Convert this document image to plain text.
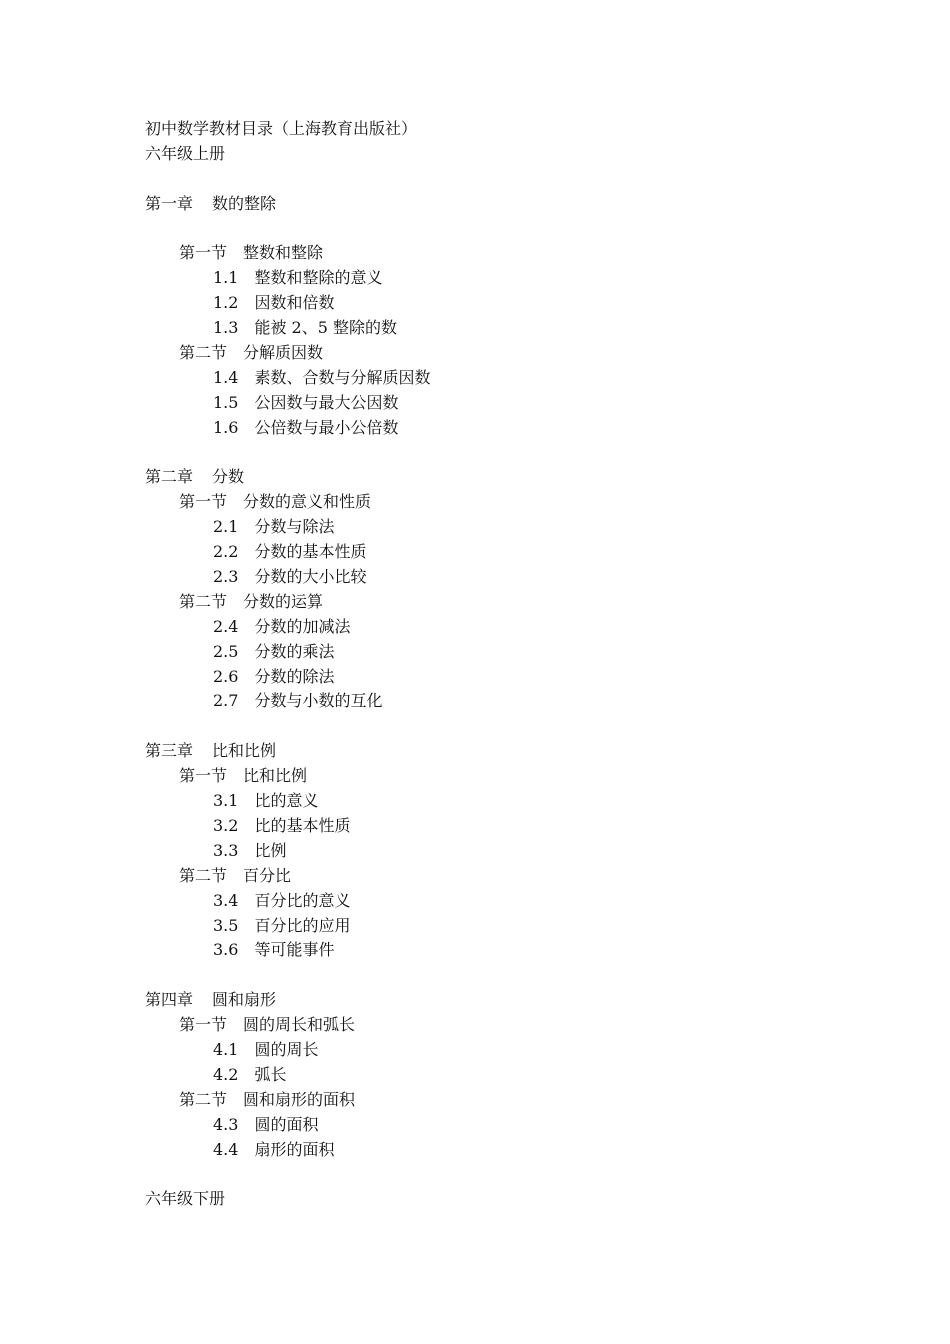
初中数学教材目录（上海教育出版社）
六年级上册
第一章 数的整除
第一节 整数和整除
1.1 整数和整除的意义
1.2 因数和倍数
1.3 能被 2、5 整除的数
第二节 分解质因数
1.4 素数、合数与分解质因数
1.5 公因数与最大公因数
1.6 公倍数与最小公倍数
第二章 分数
第一节 分数的意义和性质
2.1 分数与除法
2.2 分数的基本性质
2.3 分数的大小比较
第二节 分数的运算
2.4 分数的加减法
2.5 分数的乘法
2.6 分数的除法
2.7 分数与小数的互化
第三章 比和比例
第一节 比和比例
3.1 比的意义
3.2 比的基本性质
3.3 比例
第二节 百分比
3.4 百分比的意义
3.5 百分比的应用
3.6 等可能事件
第四章 圆和扇形
第一节 圆的周长和弧长
4.1 圆的周长
4.2 弧长
第二节 圆和扇形的面积
4.3 圆的面积
4.4 扇形的面积
六年级下册
